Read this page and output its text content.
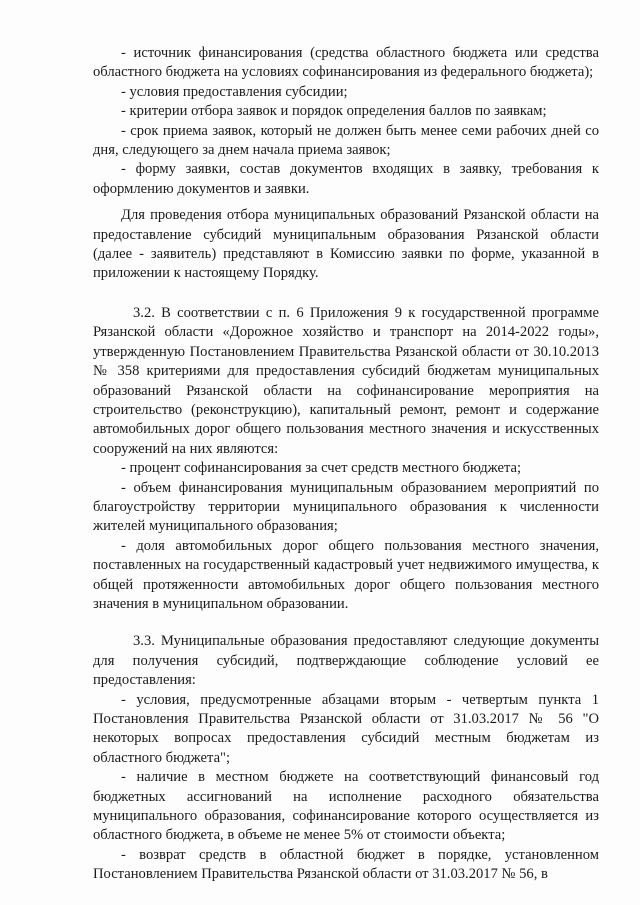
- источник финансирования (средства областного бюджета или средства областного бюджета на условиях софинансирования из федерального бюджета);

- условия предоставления субсидии;

- критерии отбора заявок и порядок определения баллов по заявкам;

- срок приема заявок, который не должен быть менее семи рабочих дней со дня, следующего за днем начала приема заявок;

- форму заявки, состав документов входящих в заявку, требования к оформлению документов и заявки.

Для проведения отбора муниципальных образований Рязанской области на предоставление субсидий муниципальным образования Рязанской области (далее - заявитель) представляют в Комиссию заявки по форме, указанной в приложении к настоящему Порядку.

3.2. В соответствии с п. 6 Приложения 9 к государственной программе Рязанской области «Дорожное хозяйство и транспорт на 2014-2022 годы», утвержденную Постановлением Правительства Рязанской области от 30.10.2013 № 358 критериями для предоставления субсидий бюджетам муниципальных образований Рязанской области на софинансирование мероприятия на строительство (реконструкцию), капитальный ремонт, ремонт и содержание автомобильных дорог общего пользования местного значения и искусственных сооружений на них являются:

- процент софинансирования за счет средств местного бюджета;

- объем финансирования муниципальным образованием мероприятий по благоустройству территории муниципального образования к численности жителей муниципального образования;

- доля автомобильных дорог общего пользования местного значения, поставленных на государственный кадастровый учет недвижимого имущества, к общей протяженности автомобильных дорог общего пользования местного значения в муниципальном образовании.

3.3. Муниципальные образования предоставляют следующие документы для получения субсидий, подтверждающие соблюдение условий ее предоставления:

- условия, предусмотренные абзацами вторым - четвертым пункта 1 Постановления Правительства Рязанской области от 31.03.2017 № 56 "О некоторых вопросах предоставления субсидий местным бюджетам из областного бюджета";

- наличие в местном бюджете на соответствующий финансовый год бюджетных ассигнований на исполнение расходного обязательства муниципального образования, софинансирование которого осуществляется из областного бюджета, в объеме не менее 5% от стоимости объекта;

- возврат средств в областной бюджет в порядке, установленном Постановлением Правительства Рязанской области от 31.03.2017 № 56, в
